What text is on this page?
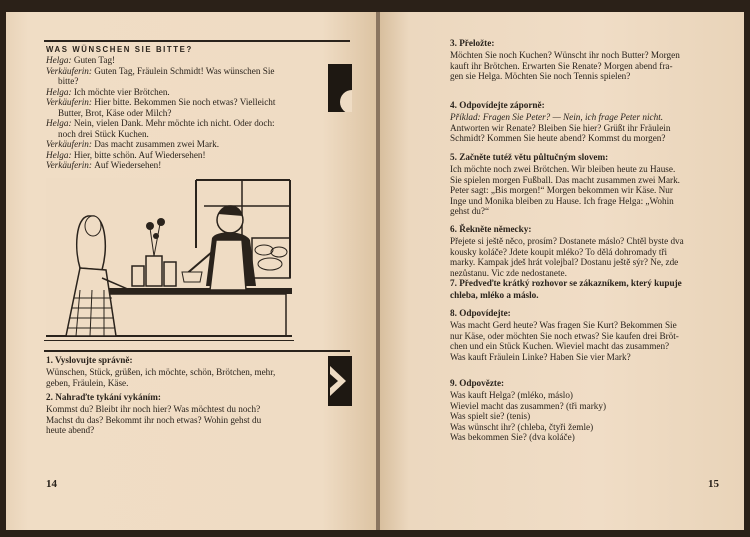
WAS WÜNSCHEN SIE BITTE?
Helga: Guten Tag!
Verkäuferin: Guten Tag, Fräulein Schmidt! Was wünschen Sie
bitte?
Helga: Ich möchte vier Brötchen.
Verkäuferin: Hier bitte. Bekommen Sie noch etwas? Vielleicht
Butter, Brot, Käse oder Milch?
Helga: Nein, vielen Dank. Mehr möchte ich nicht. Oder doch:
noch drei Stück Kuchen.
Verkäuferin: Das macht zusammen zwei Mark.
Helga: Hier, bitte schön. Auf Wiedersehen!
Verkäuferin: Auf Wiedersehen!
1. Vyslovujte správně:
Wünschen, Stück, grüßen, ich möchte, schön, Brötchen, mehr,
geben, Fräulein, Käse.
2. Nahraďte tykání vykáním:
Kommst du? Bleibt ihr noch hier? Was möchtest du noch?
Machst du das? Bekommt ihr noch etwas? Wohin gehst du
heute abend?
14
3. Přeložte:
Möchten Sie noch Kuchen? Wünscht ihr noch Butter? Morgen
kauft ihr Brötchen. Erwarten Sie Renate? Morgen abend fra-
gen sie Helga. Möchten Sie noch Tennis spielen?
4. Odpovídejte záporně:
Příklad: Fragen Sie Peter? — Nein, ich frage Peter nicht.
Antworten wir Renate? Bleiben Sie hier? Grüßt ihr Fräulein
Schmidt? Kommen Sie heute abend? Kommst du morgen?
5. Začněte tutéž větu půltučným slovem:
Ich möchte noch zwei Brötchen. Wir bleiben heute zu Hause.
Sie spielen morgen Fußball. Das macht zusammen zwei Mark.
Peter sagt: „Bis morgen!“ Morgen bekommen wir Käse. Nur
Inge und Monika bleiben zu Hause. Ich frage Helga: „Wohin
gehst du?“
6. Řekněte německy:
Přejete si ještě něco, prosím? Dostanete máslo? Chtěl byste dva
kousky koláče? Jdete koupit mléko? To dělá dohromady tři
marky. Kampak jdeš hrát volejbal? Dostanu ještě sýr? Ne, zde
nezůstanu. Vic zde nedostanete.
7. Předveďte krátký rozhovor se zákazníkem, který kupuje
chleba, mléko a máslo.
8. Odpovídejte:
Was macht Gerd heute? Was fragen Sie Kurt? Bekommen Sie
nur Käse, oder möchten Sie noch etwas? Sie kaufen drei Bröt-
chen und ein Stück Kuchen. Wieviel macht das zusammen?
Was kauft Fräulein Linke? Haben Sie vier Mark?
9. Odpovězte:
Was kauft Helga? (mléko, máslo)
Wieviel macht das zusammen? (tři marky)
Was spielt sie? (tenis)
Was wünscht ihr? (chleba, čtyři žemle)
Was bekommen Sie? (dva koláče)
15
